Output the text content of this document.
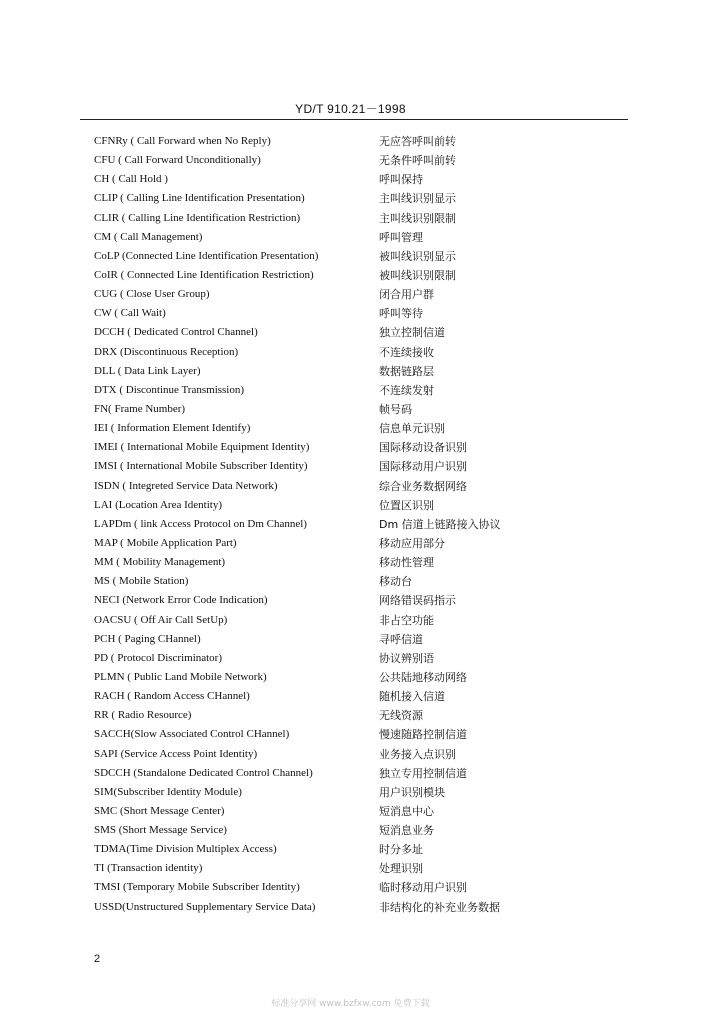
YD/T 910.21－1998
CFNRy ( Call Forward when No Reply)	无应答呼叫前转
CFU ( Call Forward Unconditionally)	无条件呼叫前转
CH ( Call Hold )	呼叫保持
CLIP ( Calling Line Identification Presentation)	主叫线识别显示
CLIR ( Calling Line Identification Restriction)	主叫线识别限制
CM ( Call Management)	呼叫管理
CoLP (Connected Line Identification Presentation)	被叫线识别显示
CoIR ( Connected Line Identification Restriction)	被叫线识别限制
CUG ( Close User Group)	闭合用户群
CW ( Call Wait)	呼叫等待
DCCH ( Dedicated Control Channel)	独立控制信道
DRX (Discontinuous Reception)	不连续接收
DLL ( Data Link Layer)	数据链路层
DTX ( Discontinue Transmission)	不连续发射
FN( Frame Number)	帧号码
IEI ( Information Element Identify)	信息单元识别
IMEI ( International Mobile Equipment Identity)	国际移动设备识别
IMSI ( International Mobile Subscriber Identity)	国际移动用户识别
ISDN ( Integreted Service Data Network)	综合业务数据网络
LAI (Location Area Identity)	位置区识别
LAPDm ( link Access Protocol on Dm Channel)	Dm 信道上链路接入协议
MAP ( Mobile Application Part)	移动应用部分
MM ( Mobility Management)	移动性管理
MS ( Mobile Station)	移动台
NECI (Network Error Code Indication)	网络错误码指示
OACSU ( Off Air Call SetUp)	非占空功能
PCH ( Paging CHannel)	寻呼信道
PD ( Protocol Discriminator)	协议辨别语
PLMN ( Public Land Mobile Network)	公共陆地移动网络
RACH ( Random Access CHannel)	随机接入信道
RR ( Radio Resource)	无线资源
SACCH(Slow Associated Control CHannel)	慢速随路控制信道
SAPI (Service Access Point Identity)	业务接入点识别
SDCCH (Standalone Dedicated Control Channel)	独立专用控制信道
SIM(Subscriber Identity Module)	用户识别模块
SMC (Short Message Center)	短消息中心
SMS (Short Message Service)	短消息业务
TDMA(Time Division Multiplex Access)	时分多址
TI (Transaction identity)	处理识别
TMSI (Temporary Mobile Subscriber Identity)	临时移动用户识别
USSD(Unstructured Supplementary Service Data)	非结构化的补充业务数据
2
标准分享网 www.bzfxw.com 免费下载
